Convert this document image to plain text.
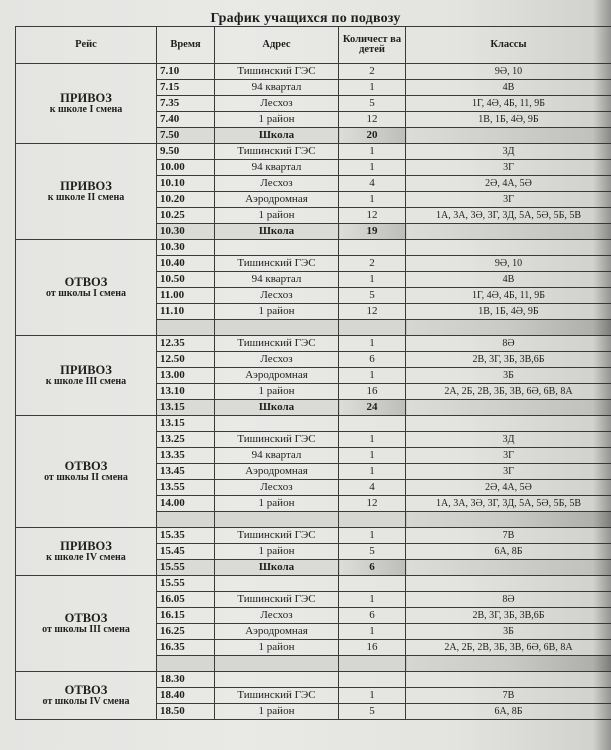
График учащихся по подвозу
Рейс	Время	Адрес	Количест ва детей	Классы

ПРИВОЗ
к школе I смена	7.10	Тишинский ГЭС	2	9Ә, 10
	7.15	94 квартал	1	4В
	7.35	Лесхоз	5	1Г, 4Ә, 4Б, 11, 9Б
	7.40	1 район	12	1В, 1Б, 4Ә, 9Б
	7.50	Школа	20	

ПРИВОЗ
к школе II смена	9.50	Тишинский ГЭС	1	3Д
	10.00	94 квартал	1	3Г
	10.10	Лесхоз	4	2Ә, 4А, 5Ә
	10.20	Аэродромная	1	3Г
	10.25	1 район	12	1А, 3А, 3Ә, 3Г, 3Д, 5А, 5Ә, 5Б, 5В
	10.30	Школа	19	

ОТВОЗ
от школы I смена	10.30			
	10.40	Тишинский ГЭС	2	9Ә, 10
	10.50	94 квартал	1	4В
	11.00	Лесхоз	5	1Г, 4Ә, 4Б, 11, 9Б
	11.10	1 район	12	1В, 1Б, 4Ә, 9Б

ПРИВОЗ
к школе III смена	12.35	Тишинский ГЭС	1	8Ә
	12.50	Лесхоз	6	2В, 3Г, 3Б, 3В,6Б
	13.00	Аэродромная	1	3Б
	13.10	1 район	16	2А, 2Б, 2В, 3Б, 3В, 6Ә, 6В, 8А
	13.15	Школа	24	

ОТВОЗ
от школы II смена	13.15			
	13.25	Тишинский ГЭС	1	3Д
	13.35	94 квартал	1	3Г
	13.45	Аэродромная	1	3Г
	13.55	Лесхоз	4	2Ә, 4А, 5Ә
	14.00	1 район	12	1А, 3А, 3Ә, 3Г, 3Д, 5А, 5Ә, 5Б, 5В

ПРИВОЗ
к школе IV смена	15.35	Тишинский ГЭС	1	7В
	15.45	1 район	5	6А, 8Б
	15.55	Школа	6	

ОТВОЗ
от школы III смена	15.55			
	16.05	Тишинский ГЭС	1	8Ә
	16.15	Лесхоз	6	2В, 3Г, 3Б, 3В,6Б
	16.25	Аэродромная	1	3Б
	16.35	1 район	16	2А, 2Б, 2В, 3Б, 3В, 6Ә, 6В, 8А

ОТВОЗ
от школы IV смена	18.30			
	18.40	Тишинский ГЭС	1	7В
	18.50	1 район	5	6А, 8Б
